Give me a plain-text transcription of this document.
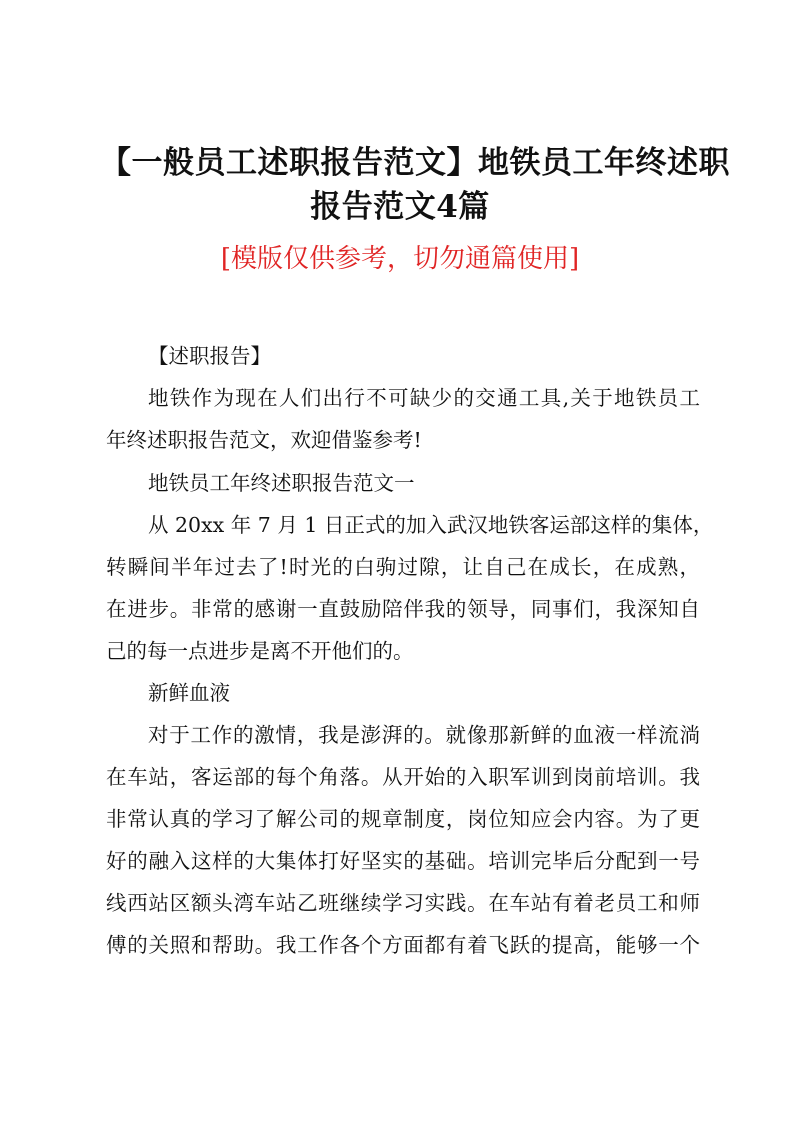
【一般员工述职报告范文】地铁员工年终述职
报告范文4篇
[模版仅供参考，切勿通篇使用]
【述职报告】
地铁作为现在人们出行不可缺少的交通工具,关于地铁员工
年终述职报告范文，欢迎借鉴参考!
地铁员工年终述职报告范文一
从 20xx 年 7 月 1 日正式的加入武汉地铁客运部这样的集体，
转瞬间半年过去了!时光的白驹过隙，让自己在成长，在成熟，
在进步。非常的感谢一直鼓励陪伴我的领导，同事们，我深知自
己的每一点进步是离不开他们的。
新鲜血液
对于工作的激情，我是澎湃的。就像那新鲜的血液一样流淌
在车站，客运部的每个角落。从开始的入职军训到岗前培训。我
非常认真的学习了解公司的规章制度，岗位知应会内容。为了更
好的融入这样的大集体打好坚实的基础。培训完毕后分配到一号
线西站区额头湾车站乙班继续学习实践。在车站有着老员工和师
傅的关照和帮助。我工作各个方面都有着飞跃的提高，能够一个
